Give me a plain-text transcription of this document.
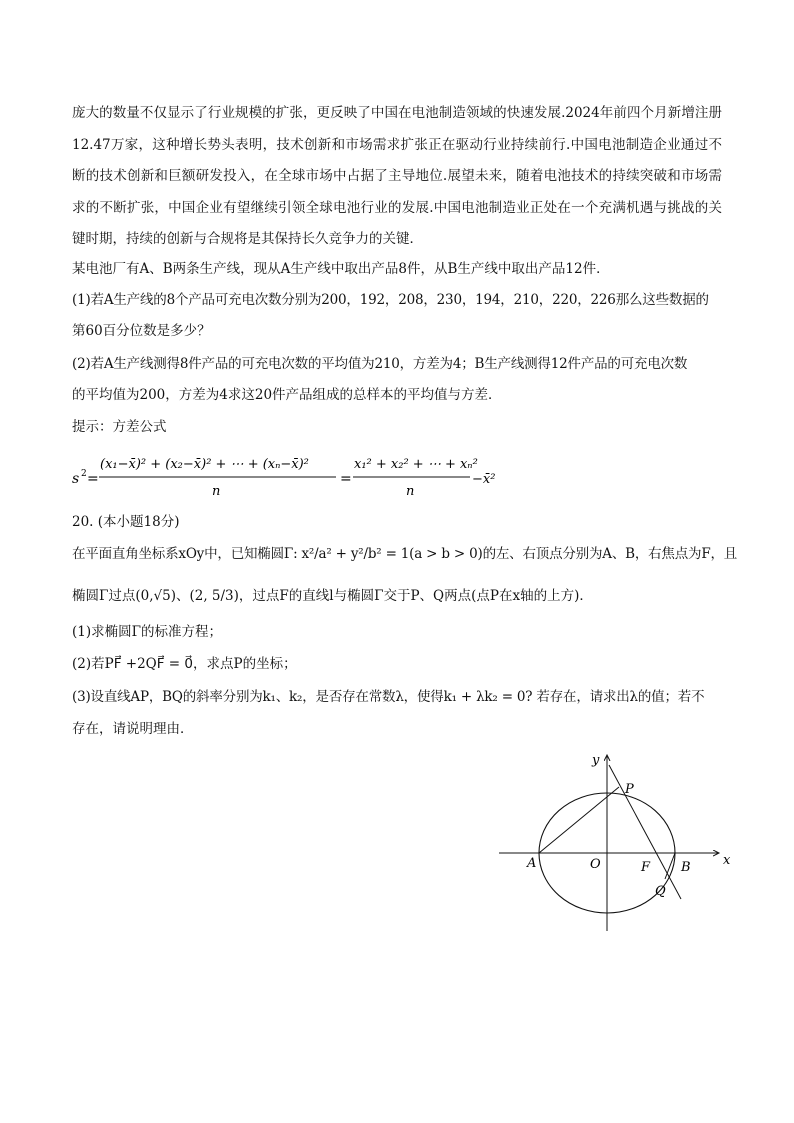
庞大的数量不仅显示了行业规模的扩张，更反映了中国在电池制造领域的快速发展.2024年前四个月新增注册12.47万家，这种增长势头表明，技术创新和市场需求扩张正在驱动行业持续前行.中国电池制造企业通过不断的技术创新和巨额研发投入，在全球市场中占据了主导地位.展望未来，随着电池技术的持续突破和市场需求的不断扩张，中国企业有望继续引领全球电池行业的发展.中国电池制造业正处在一个充满机遇与挑战的关键时期，持续的创新与合规将是其保持长久竞争力的关键．

某电池厂有A、B两条生产线，现从A生产线中取出产品8件，从B生产线中取出产品12件．

(1)若A生产线的8个产品可充电次数分别为200，192，208，230，194，210，220，226那么这些数据的

第60百分位数是多少？

(2)若A生产线测得8件产品的可充电次数的平均值为210，方差为4；B生产线测得12件产品的可充电次数

的平均值为200，方差为4求这20件产品组成的总样本的平均值与方差．

提示：方差公式

s 2 =
(x₁−x̄)² + (x₂−x̄)² + ⋯ + (xₙ−x̄)²
n
=
x₁² + x₂² + ⋯ + xₙ²
n
−x̄²

20. (本小题18分)

在平面直角坐标系xOy中，已知椭圆Γ: x²/a² + y²/b² = 1(a > b > 0)的左、右顶点分别为A、B，右焦点为F，且

椭圆Γ过点(0,√5)、(2, 5/3)，过点F的直线l与椭圆Γ交于P、Q两点(点P在x轴的上方)．

(1)求椭圆Γ的标准方程；

(2)若PF⃗ +2QF⃗ = 0⃗，求点P的坐标；

(3)设直线AP，BQ的斜率分别为k₁、k₂，是否存在常数λ，使得k₁ + λk₂ = 0? 若存在，请求出λ的值；若不

存在，请说明理由．

x
y
O
A	B
F
P
Q
